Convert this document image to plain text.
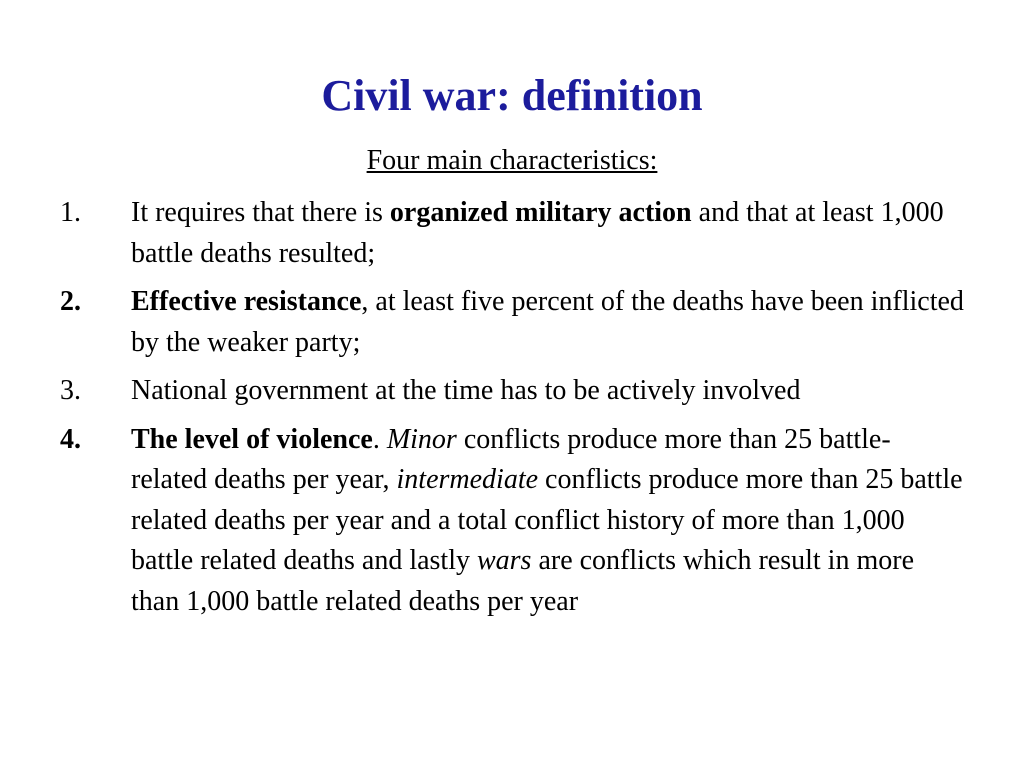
Civil war: definition
Four main characteristics:
1.	It requires that there is organized military action and that at least 1,000 battle deaths resulted;
2.	Effective resistance, at least five percent of the deaths have been inflicted by the weaker party;
3.	National government at the time has to be actively involved
4.	The level of violence. Minor conflicts produce more than 25 battle-related deaths per year, intermediate conflicts produce more than 25 battle related deaths per year and a total conflict history of more than 1,000 battle related deaths and lastly wars are conflicts which result in more than 1,000 battle related deaths per year
